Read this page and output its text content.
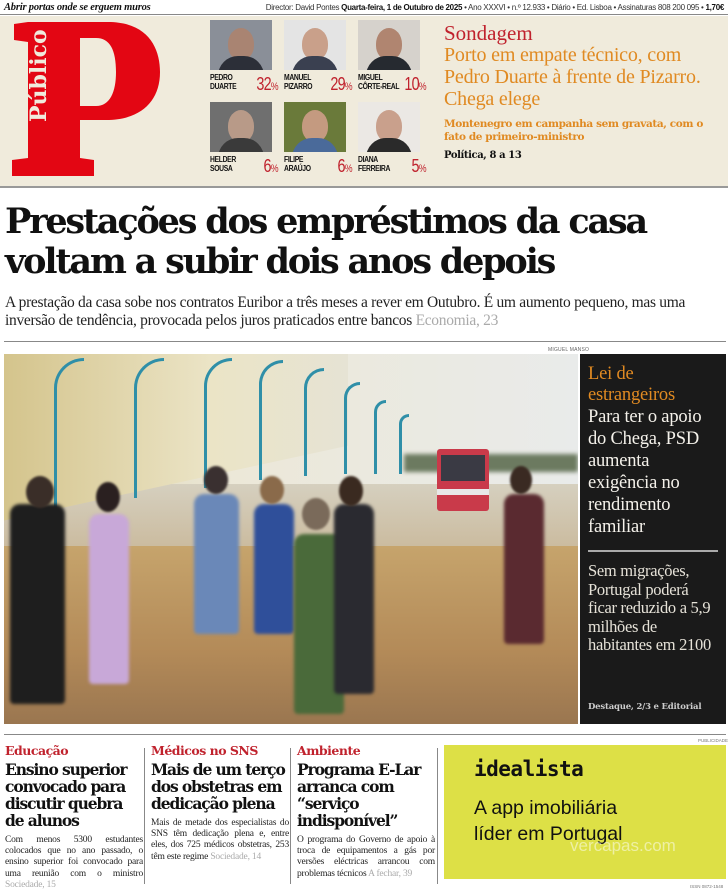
Abrir portas onde se erguem muros	Director: David Pontes Quarta-feira, 1 de Outubro de 2025 • Ano XXXVI • n.º 12.933 • Diário • Ed. Lisboa • Assinaturas 808 200 095 • 1,70€
Público	PEDRO
DUARTE	32%
MANUEL
PIZARRO	29%
MIGUEL
CÔRTE-REAL 10%
HELDER
SOUSA	6%
FILIPE
ARAÚJO	6%
DIANA
FERREIRA	5%
Sondagem
Porto em empate técnico, com Pedro Duarte à frente de Pizarro. Chega elege
Montenegro em campanha sem gravata, com o fato de primeiro-ministro
Política, 8 a 13
Prestações dos empréstimos da casa voltam a subir dois anos depois
A prestação da casa sobe nos contratos Euribor a três meses a rever em Outubro. É um aumento pequeno, mas uma inversão de tendência, provocada pelos juros praticados entre bancos Economia, 23
MIGUEL MANSO
Lei de estrangeiros
Para ter o apoio do Chega, PSD aumenta exigência no rendimento familiar
Sem migrações, Portugal poderá ficar reduzido a 5,9 milhões de habitantes em 2100
Destaque, 2/3 e Editorial
Educação
Ensino superior convocado para discutir quebra de alunos
Com menos 5300 estudantes colocados que no ano passado, o ensino superior foi convocado para uma reunião com o ministro Sociedade, 15
Médicos no SNS
Mais de um terço dos obstetras em dedicação plena
Mais de metade dos especialistas do SNS têm dedicação plena e, entre eles, dos 725 médicos obstetras, 253 têm este regime Sociedade, 14
Ambiente
Programa E-Lar arranca com “serviço indisponível”
O programa do Governo de apoio à troca de equipamentos a gás por versões eléctricas arrancou com problemas técnicos A fechar, 39
PUBLICIDADE
idealista
A app imobiliária
líder em Portugal
vercapas.com
ISSN 0872-1548
